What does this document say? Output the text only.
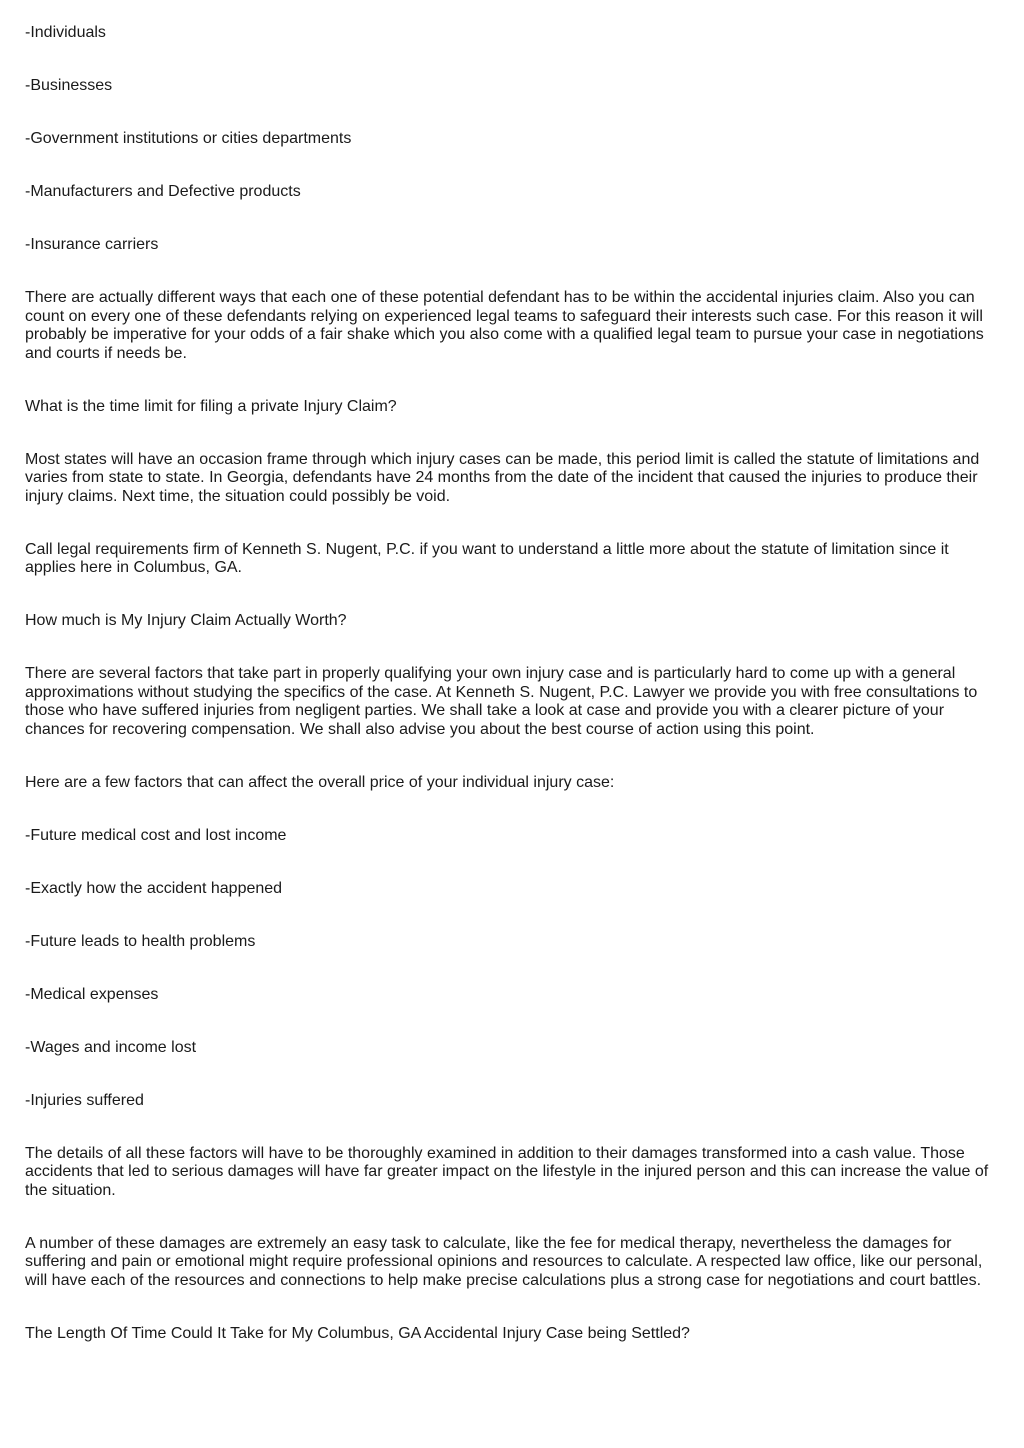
-Individuals

-Businesses

-Government institutions or cities departments

-Manufacturers and Defective products

-Insurance carriers

There are actually different ways that each one of these potential defendant has to be within the accidental injuries claim. Also you can count on every one of these defendants relying on experienced legal teams to safeguard their interests such case. For this reason it will probably be imperative for your odds of a fair shake which you also come with a qualified legal team to pursue your case in negotiations and courts if needs be.

What is the time limit for filing a private Injury Claim?

Most states will have an occasion frame through which injury cases can be made, this period limit is called the statute of limitations and varies from state to state. In Georgia, defendants have 24 months from the date of the incident that caused the injuries to produce their injury claims. Next time, the situation could possibly be void.

Call legal requirements firm of Kenneth S. Nugent, P.C. if you want to understand a little more about the statute of limitation since it applies here in Columbus, GA.

How much is My Injury Claim Actually Worth?

There are several factors that take part in properly qualifying your own injury case and is particularly hard to come up with a general approximations without studying the specifics of the case. At Kenneth S. Nugent, P.C. Lawyer we provide you with free consultations to those who have suffered injuries from negligent parties. We shall take a look at case and provide you with a clearer picture of your chances for recovering compensation. We shall also advise you about the best course of action using this point.

Here are a few factors that can affect the overall price of your individual injury case:

-Future medical cost and lost income

-Exactly how the accident happened

-Future leads to health problems

-Medical expenses

-Wages and income lost

-Injuries suffered

The details of all these factors will have to be thoroughly examined in addition to their damages transformed into a cash value. Those accidents that led to serious damages will have far greater impact on the lifestyle in the injured person and this can increase the value of the situation.

A number of these damages are extremely an easy task to calculate, like the fee for medical therapy, nevertheless the damages for suffering and pain or emotional might require professional opinions and resources to calculate. A respected law office, like our personal, will have each of the resources and connections to help make precise calculations plus a strong case for negotiations and court battles.

The Length Of Time Could It Take for My Columbus, GA Accidental Injury Case being Settled?
